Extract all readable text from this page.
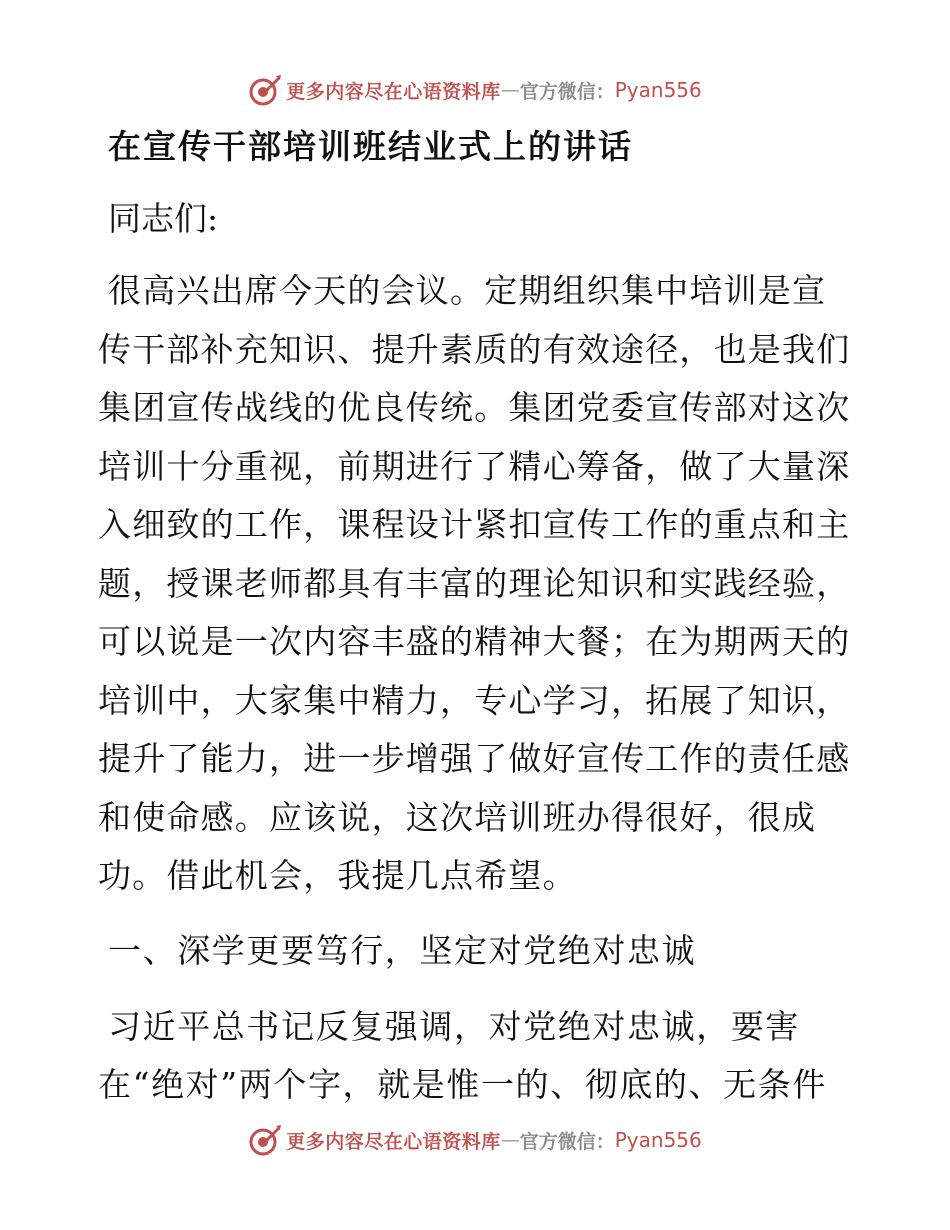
更多内容尽在心语资料库 — 官方微信： Pyan556
在宣传干部培训班结业式上的讲话

同志们:

很高兴出席今天的会议。定期组织集中培训是宣
传干部补充知识、提升素质的有效途径，也是我们
集团宣传战线的优良传统。集团党委宣传部对这次
培训十分重视，前期进行了精心筹备，做了大量深
入细致的工作，课程设计紧扣宣传工作的重点和主
题，授课老师都具有丰富的理论知识和实践经验，
可以说是一次内容丰盛的精神大餐；在为期两天的
培训中，大家集中精力，专心学习，拓展了知识，
提升了能力，进一步增强了做好宣传工作的责任感
和使命感。应该说，这次培训班办得很好，很成
功。借此机会，我提几点希望。

一、深学更要笃行，坚定对党绝对忠诚

习近平总书记反复强调，对党绝对忠诚，要害
在“绝对”两个字，就是惟一的、彻底的、无条件

更多内容尽在心语资料库 — 官方微信： Pyan556
